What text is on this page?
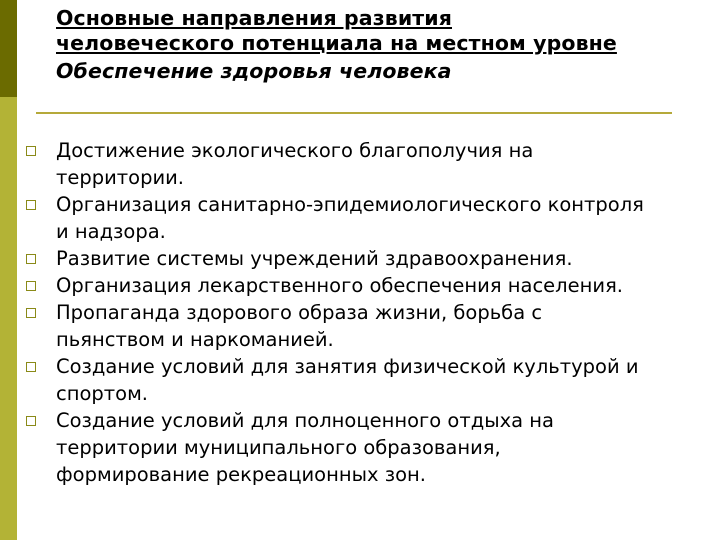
Основные направления развития
человеческого потенциала на местном уровне
Обеспечение здоровья человека
Достижение экологического благополучия на
территории.
Организация санитарно-эпидемиологического контроля
и надзора.
Развитие системы учреждений здравоохранения.
Организация лекарственного обеспечения населения.
Пропаганда здорового образа жизни, борьба с
пьянством и наркоманией.
Создание условий для занятия физической культурой и
спортом.
Создание условий для полноценного отдыха на
территории муниципального образования,
формирование рекреационных зон.
